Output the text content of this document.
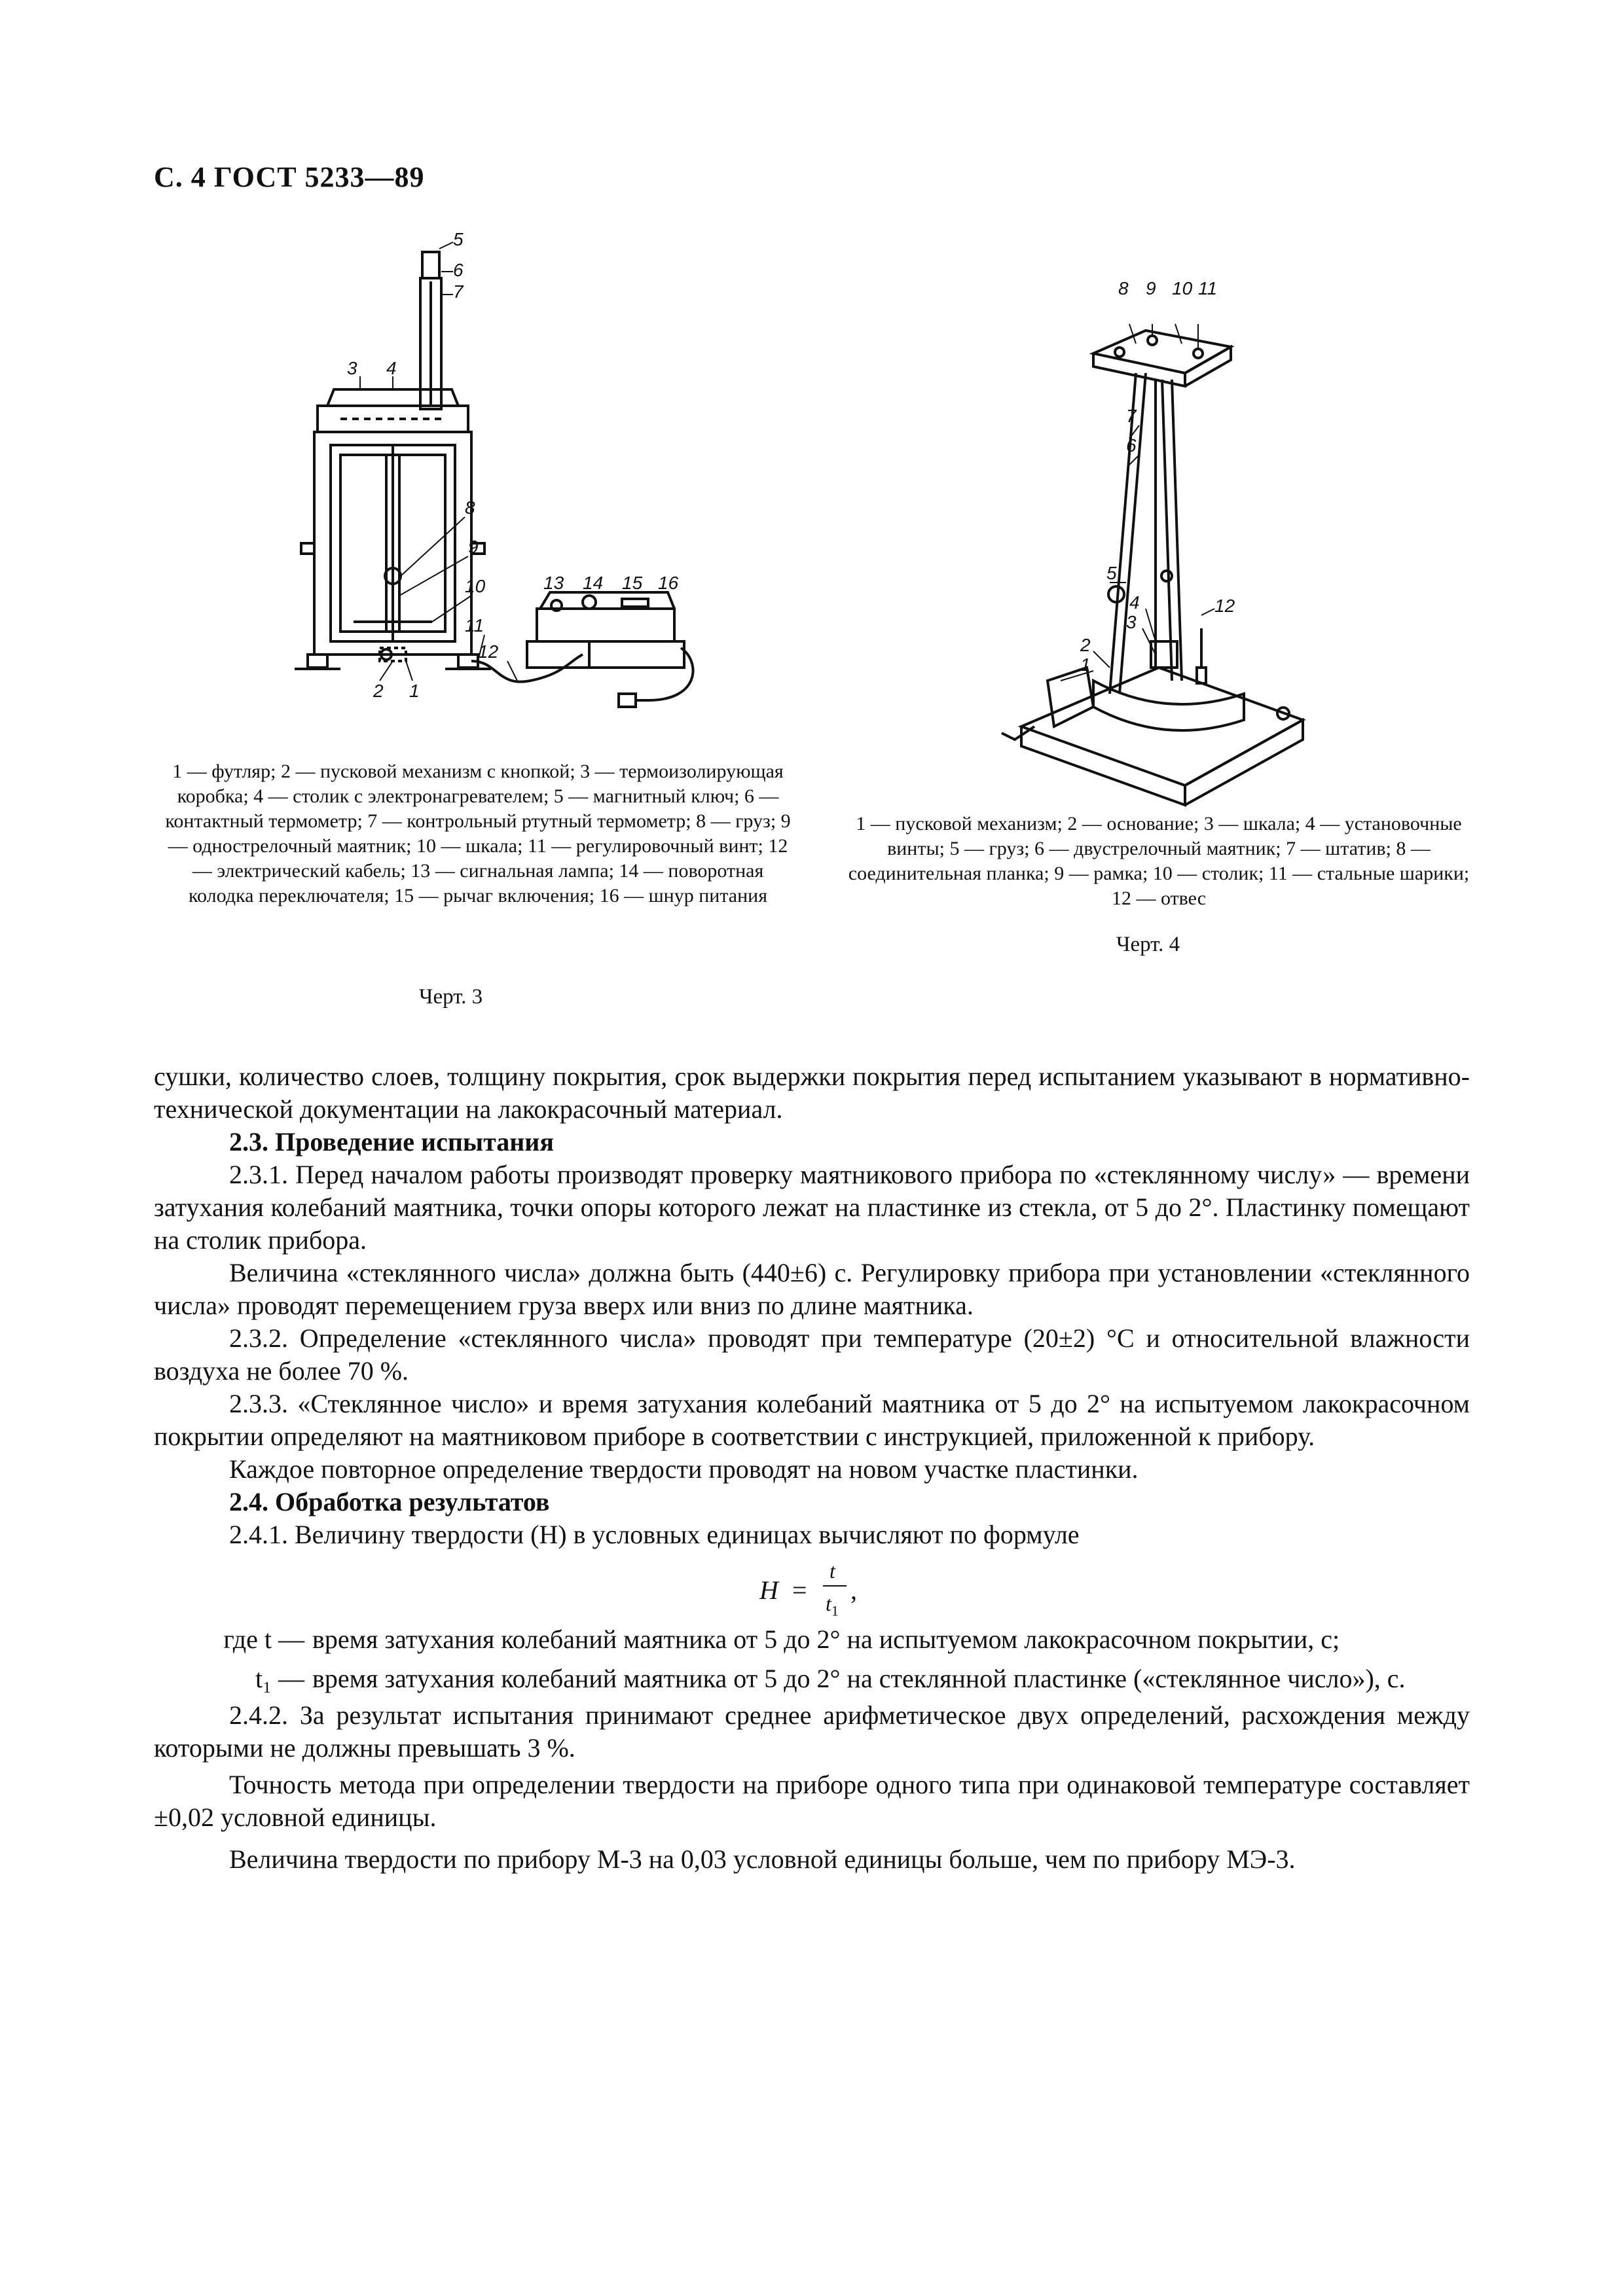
С. 4 ГОСТ 5233—89
5
6
7
3 4
8
9
10
11
12
13 14 15 16
2 1
1 — футляр; 2 — пусковой механизм с кнопкой; 3 — термоизолирующая коробка; 4 — столик с электронагревателем; 5 — магнитный ключ; 6 — контактный термометр; 7 — контрольный ртутный термометр; 8 — груз; 9 — однострелочный маятник; 10 — шкала; 11 — регулировочный винт; 12 — электрический кабель; 13 — сигнальная лампа; 14 — поворотная колодка переключателя; 15 — рычаг включения; 16 — шнур питания
Черт. 3
8 9 10 11
7
6
5
4
3
2
1
12
1 — пусковой механизм; 2 — основание; 3 — шкала; 4 — установочные винты; 5 — груз; 6 — двустрелочный маятник; 7 — штатив; 8 — соединительная планка; 9 — рамка; 10 — столик; 11 — стальные шарики; 12 — отвес
Черт. 4

сушки, количество слоев, толщину покрытия, срок выдержки покрытия перед испытанием указывают в нормативно-технической документации на лакокрасочный материал.

2.3. Проведение испытания

2.3.1. Перед началом работы производят проверку маятникового прибора по «стеклянному числу» — времени затухания колебаний маятника, точки опоры которого лежат на пластинке из стекла, от 5 до 2°. Пластинку помещают на столик прибора.

Величина «стеклянного числа» должна быть (440±6) с. Регулировку прибора при установлении «стеклянного числа» проводят перемещением груза вверх или вниз по длине маятника.

2.3.2. Определение «стеклянного числа» проводят при температуре (20±2) °С и относительной влажности воздуха не более 70 %.

2.3.3. «Стеклянное число» и время затухания колебаний маятника от 5 до 2° на испытуемом лакокрасочном покрытии определяют на маятниковом приборе в соответствии с инструкцией, приложенной к прибору.

Каждое повторное определение твердости проводят на новом участке пластинки.

2.4. Обработка результатов

2.4.1. Величину твердости (Н) в условных единицах вычисляют по формуле

H =
t
$t_1$
,
где t — время затухания колебаний маятника от 5 до 2° на испытуемом лакокрасочном покрытии, с;
t₁ — время затухания колебаний маятника от 5 до 2° на стеклянной пластинке («стеклянное число»), с.

2.4.2. За результат испытания принимают среднее арифметическое двух определений, расхождения между которыми не должны превышать 3 %.

Точность метода при определении твердости на приборе одного типа при одинаковой температуре составляет ±0,02 условной единицы.

Величина твердости по прибору М-3 на 0,03 условной единицы больше, чем по прибору МЭ-3.
